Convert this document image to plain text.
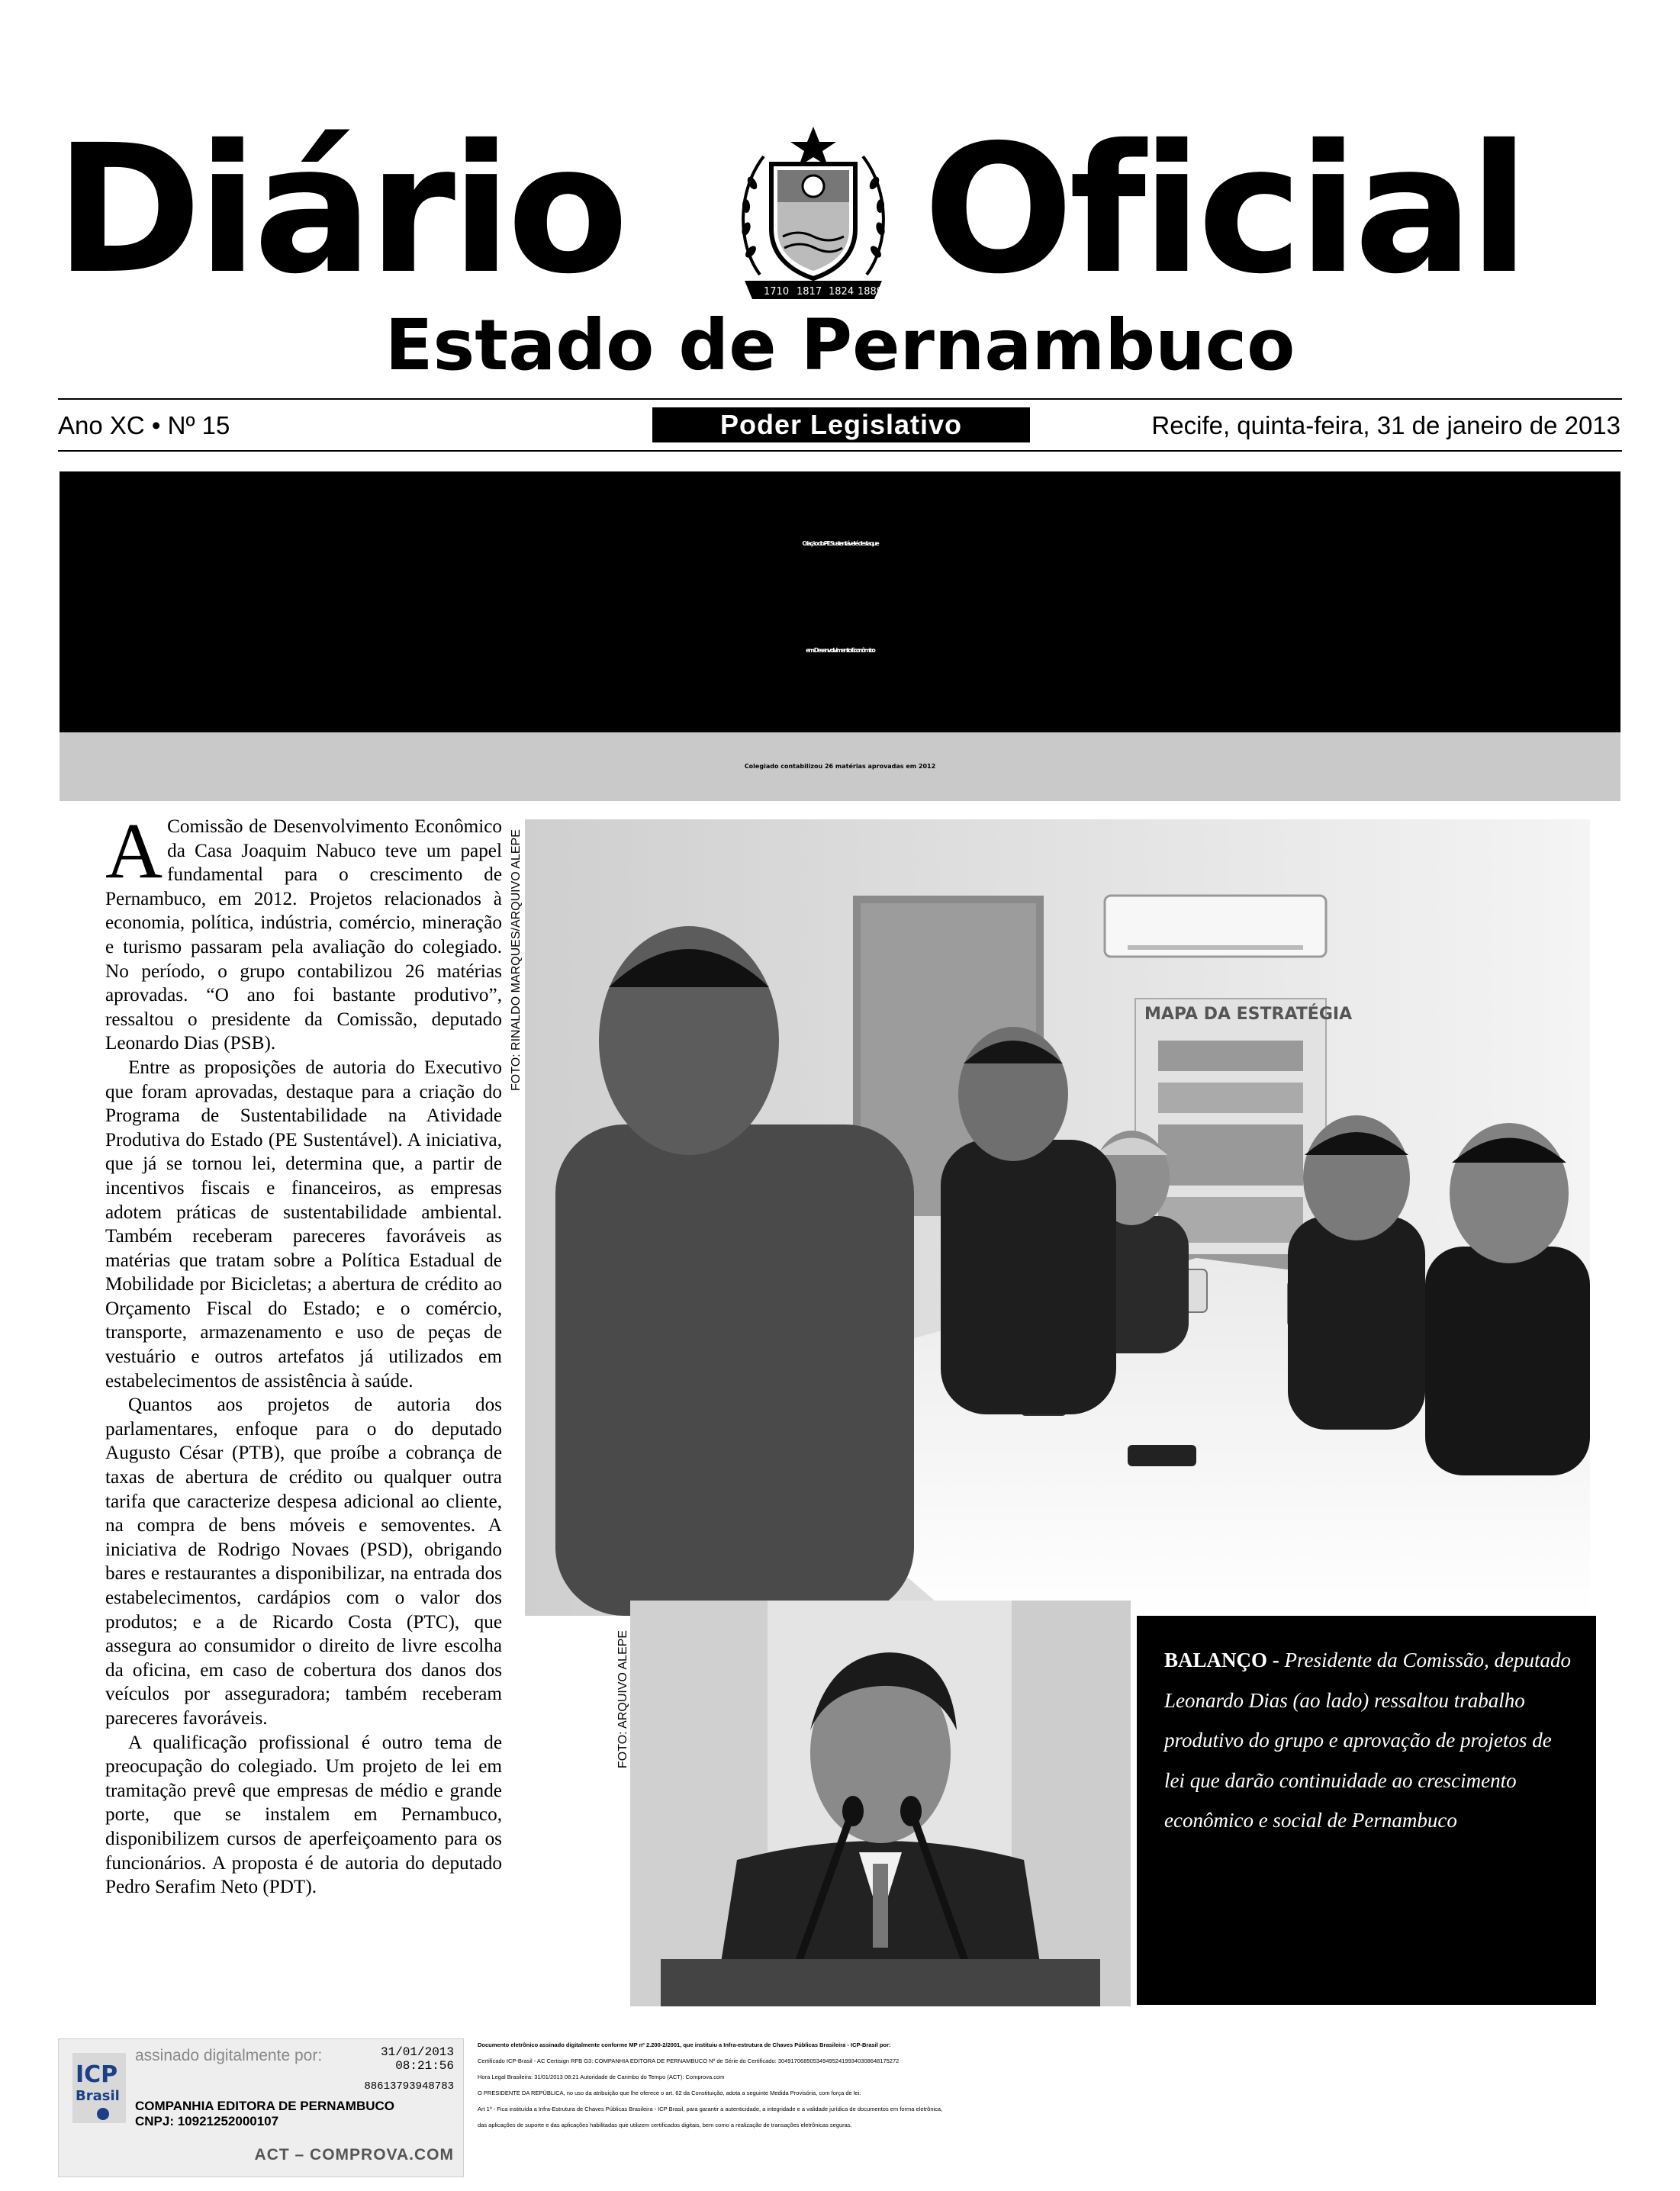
Diário	1710 1817 1824 1889 Oficial
Estado de Pernambuco
Ano XC • Nº 15	Poder Legislativo	Recife, quinta-feira, 31 de janeiro de 2013
Criação do PE Sustentável é destaque
em Desenvolvimento Econômico
Colegiado contabilizou 26 matérias aprovadas em 2012

A Comissão de Desenvolvimento Econômico da Casa Joaquim Nabuco teve um papel fundamental para o crescimento de Pernambuco, em 2012. Projetos relacionados à economia, política, indústria, comércio, mineração e turismo passaram pela avaliação do colegiado. No período, o grupo contabilizou 26 matérias aprovadas. “O ano foi bastante produtivo”, ressaltou o presidente da Comissão, deputado Leonardo Dias (PSB).

Entre as proposições de autoria do Executivo que foram aprovadas, destaque para a criação do Programa de Sustentabilidade na Atividade Produtiva do Estado (PE Sustentável). A iniciativa, que já se tornou lei, determina que, a partir de incentivos fiscais e financeiros, as empresas adotem práticas de sustentabilidade ambiental. Também receberam pareceres favoráveis as matérias que tratam sobre a Política Estadual de Mobilidade por Bicicletas; a abertura de crédito ao Orçamento Fiscal do Estado; e o comércio, transporte, armazenamento e uso de peças de vestuário e outros artefatos já utilizados em estabelecimentos de assistência à saúde.

Quantos aos projetos de autoria dos parlamentares, enfoque para o do deputado Augusto César (PTB), que proíbe a cobrança de taxas de abertura de crédito ou qualquer outra tarifa que caracterize despesa adicional ao cliente, na compra de bens móveis e semoventes. A iniciativa de Rodrigo Novaes (PSD), obrigando bares e restaurantes a disponibilizar, na entrada dos estabelecimentos, cardápios com o valor dos produtos; e a de Ricardo Costa (PTC), que assegura ao consumidor o direito de livre escolha da oficina, em caso de cobertura dos danos dos veículos por asseguradora; também receberam pareceres favoráveis.

A qualificação profissional é outro tema de preocupação do colegiado. Um projeto de lei em tramitação prevê que empresas de médio e grande porte, que se instalem em Pernambuco, disponibilizem cursos de aperfeiçoamento para os funcionários. A proposta é de autoria do deputado Pedro Serafim Neto (PDT).

FOTO: RINALDO MARQUES/ARQUIVO ALEPE	MAPA DA ESTRATÉGIA
FOTO: ARQUIVO ALEPE	BALANÇO - Presidente da Comissão, deputado Leonardo Dias (ao lado) ressaltou trabalho produtivo do grupo e aprovação de projetos de lei que darão continuidade ao crescimento econômico e social de Pernambuco
ICP
Brasil
assinado digitalmente por:	31/01/2013
08:21:56
88613793948783
COMPANHIA EDITORA DE PERNAMBUCO
CNPJ: 10921252000107
ACT – COMPROVA.COM
Documento eletrônico assinado digitalmente conforme MP nº 2.200-2/2001, que instituiu a Infra-estrutura de Chaves Públicas Brasileira - ICP-Brasil por:
Certificado ICP-Brasil - AC Certisign RFB G3: COMPANHIA EDITORA DE PERNAMBUCO Nº de Série do Certificado: 3049170685053494952419934030864817527​2
Hora Legal Brasileira: 31/01/2013 08:21 Autoridade de Carimbo do Tempo (ACT): Comprova.com
O PRESIDENTE DA REPÚBLICA, no uso da atribuição que lhe oferece o art. 62 da Constituição, adota a seguinte Medida Provisória, com força de lei:
Art 1º - Fica instituída a Infra-Estrutura de Chaves Públicas Brasileira - ICP Brasil, para garantir a autenticidade, a integridade e a validade jurídica de documentos em forma eletrônica,
das aplicações de suporte e das aplicações habilitadas que utilizem certificados digitais, bem como a realização de transações eletrônicas seguras.
